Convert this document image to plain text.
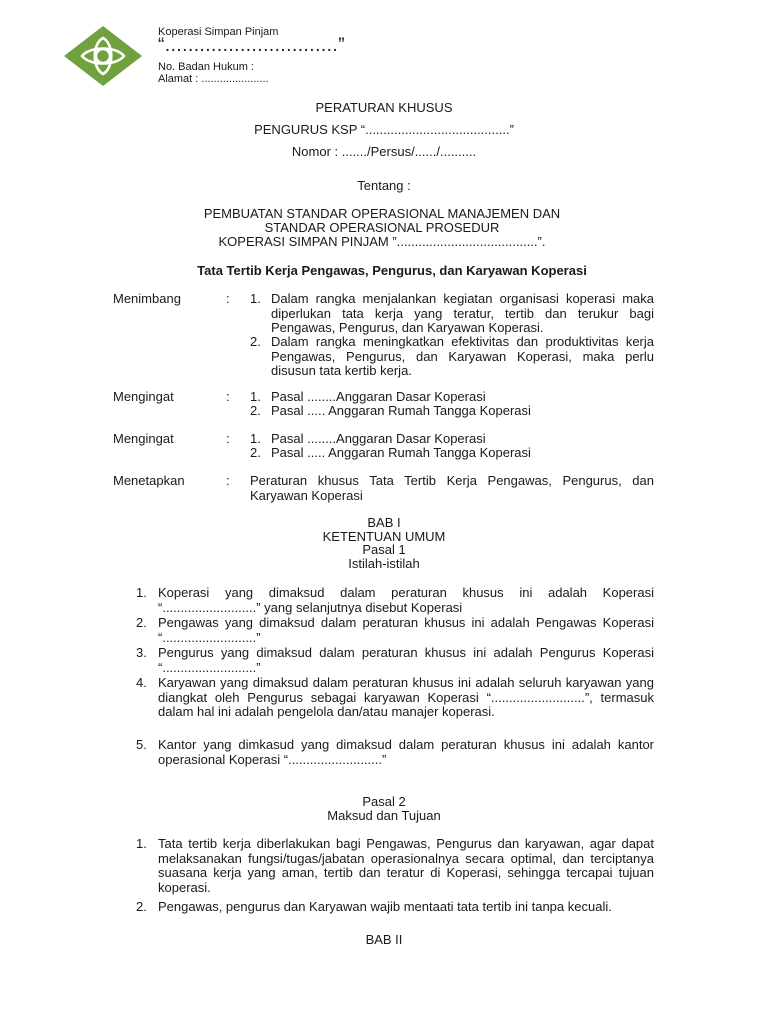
Koperasi Simpan Pinjam
“..............................”
No. Badan Hukum :
Alamat : ......................
PERATURAN KHUSUS
PENGURUS KSP “........................................”
Nomor : ......./Persus/....../..........
Tentang :
PEMBUATAN STANDAR OPERASIONAL MANAJEMEN DAN
STANDAR OPERASIONAL PROSEDUR
KOPERASI SIMPAN PINJAM ”.......................................”.
Tata Tertib Kerja Pengawas, Pengurus, dan Karyawan Koperasi
Menimbang	: 1. Dalam rangka menjalankan kegiatan organisasi koperasi maka diperlukan tata kerja yang teratur, tertib dan terukur bagi Pengawas, Pengurus, dan Karyawan Koperasi.
2. Dalam rangka meningkatkan efektivitas dan produktivitas kerja Pengawas, Pengurus, dan Karyawan Koperasi, maka perlu disusun tata kertib kerja.
Mengingat	: 1. Pasal ........Anggaran Dasar Koperasi
2. Pasal ..... Anggaran Rumah Tangga Koperasi
Mengingat	: 1. Pasal ........Anggaran Dasar Koperasi
2. Pasal ..... Anggaran Rumah Tangga Koperasi
Menetapkan	: Peraturan khusus Tata Tertib Kerja Pengawas, Pengurus, dan Karyawan Koperasi
BAB I
KETENTUAN UMUM
Pasal 1
Istilah-istilah
1. Koperasi yang dimaksud dalam peraturan khusus ini adalah Koperasi “..........................” yang selanjutnya disebut Koperasi
2. Pengawas yang dimaksud dalam peraturan khusus ini adalah Pengawas Koperasi “..........................”
3. Pengurus yang dimaksud dalam peraturan khusus ini adalah Pengurus Koperasi “..........................”
4. Karyawan yang dimaksud dalam peraturan khusus ini adalah seluruh karyawan yang diangkat oleh Pengurus sebagai karyawan Koperasi “..........................”, termasuk dalam hal ini adalah pengelola dan/atau manajer koperasi.
5. Kantor yang dimkasud yang dimaksud dalam peraturan khusus ini adalah kantor operasional Koperasi “..........................”
Pasal 2
Maksud dan Tujuan
1. Tata tertib kerja diberlakukan bagi Pengawas, Pengurus dan karyawan, agar dapat melaksanakan fungsi/tugas/jabatan operasionalnya secara optimal, dan terciptanya suasana kerja yang aman, tertib dan teratur di Koperasi, sehingga tercapai tujuan koperasi.
2. Pengawas, pengurus dan Karyawan wajib mentaati tata tertib ini tanpa kecuali.
BAB II
